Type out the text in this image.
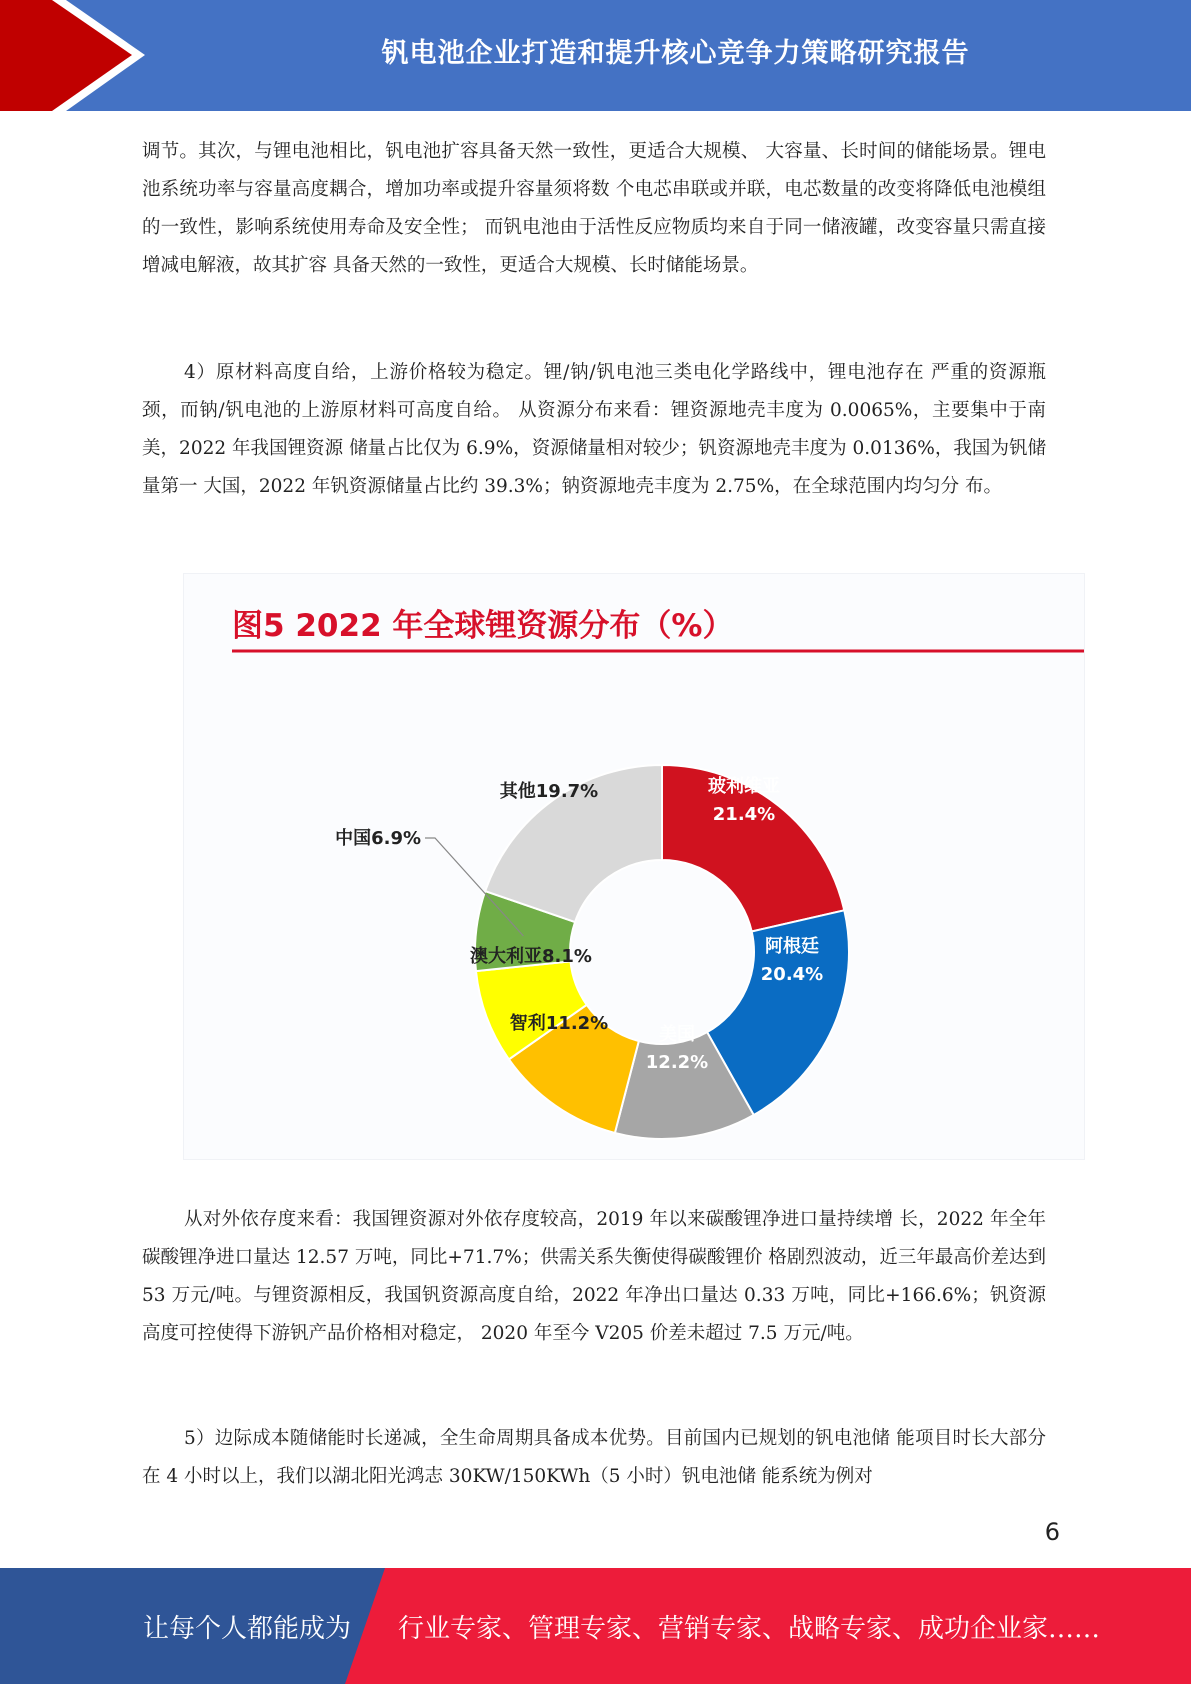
钒电池企业打造和提升核心竞争力策略研究报告

调节。其次，与锂电池相比，钒电池扩容具备天然一致性，更适合大规模、 大容量、长时间的储能场景。锂电池系统功率与容量高度耦合，增加功率或提升容量须将数 个电芯串联或并联，电芯数量的改变将降低电池模组的一致性，影响系统使用寿命及安全性； 而钒电池由于活性反应物质均来自于同一储液罐，改变容量只需直接增减电解液，故其扩容 具备天然的一致性，更适合大规模、长时储能场景。

4）原材料高度自给，上游价格较为稳定。锂/钠/钒电池三类电化学路线中，锂电池存在 严重的资源瓶颈，而钠/钒电池的上游原材料可高度自给。 从资源分布来看：锂资源地壳丰度为 0.0065%，主要集中于南美，2022 年我国锂资源 储量占比仅为 6.9%，资源储量相对较少；钒资源地壳丰度为 0.0136%，我国为钒储量第一 大国，2022 年钒资源储量占比约 39.3%；钠资源地壳丰度为 2.75%，在全球范围内均匀分 布。

图5 2022 年全球锂资源分布（%）
玻利维亚 21.4%
阿根廷 20.4%
美国 12.2%
智利11.2%
澳大利亚8.1%
中国6.9%
其他19.7%

从对外依存度来看：我国锂资源对外依存度较高，2019 年以来碳酸锂净进口量持续增 长，2022 年全年碳酸锂净进口量达 12.57 万吨，同比+71.7%；供需关系失衡使得碳酸锂价 格剧烈波动，近三年最高价差达到 53 万元/吨。与锂资源相反，我国钒资源高度自给，2022 年净出口量达 0.33 万吨，同比+166.6%；钒资源高度可控使得下游钒产品价格相对稳定， 2020 年至今 V205 价差未超过 7.5 万元/吨。

5）边际成本随储能时长递减，全生命周期具备成本优势。目前国内已规划的钒电池储 能项目时长大部分在 4 小时以上，我们以湖北阳光鸿志 30KW/150KWh（5 小时）钒电池储 能系统为例对

6
让每个人都能成为 行业专家、管理专家、营销专家、战略专家、成功企业家……
